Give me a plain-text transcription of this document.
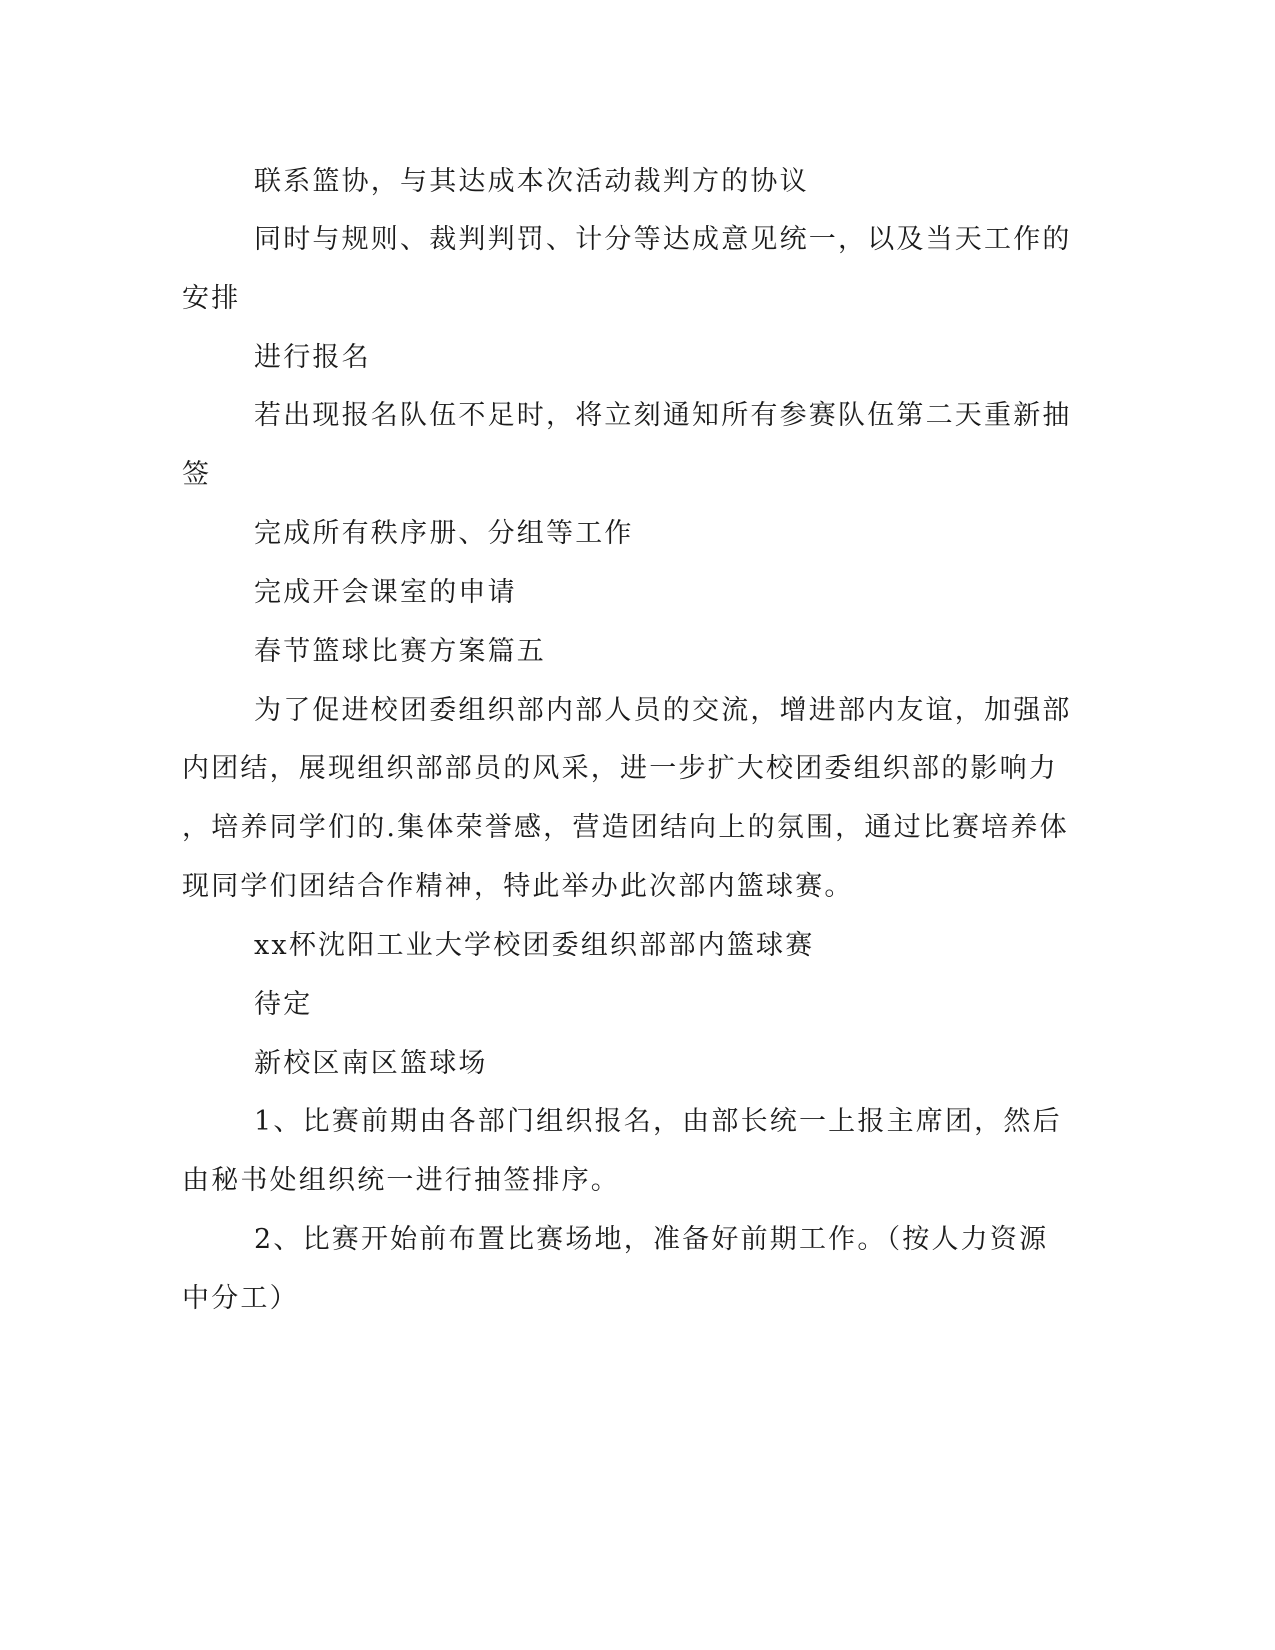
联系篮协，与其达成本次活动裁判方的协议
同时与规则、裁判判罚、计分等达成意见统一，以及当天工作的
安排
进行报名
若出现报名队伍不足时，将立刻通知所有参赛队伍第二天重新抽
签
完成所有秩序册、分组等工作
完成开会课室的申请
春节篮球比赛方案篇五
为了促进校团委组织部内部人员的交流，增进部内友谊，加强部
内团结，展现组织部部员的风采，进一步扩大校团委组织部的影响力
，培养同学们的.集体荣誉感，营造团结向上的氛围，通过比赛培养体
现同学们团结合作精神，特此举办此次部内篮球赛。
xx杯沈阳工业大学校团委组织部部内篮球赛
待定
新校区南区篮球场
1、比赛前期由各部门组织报名，由部长统一上报主席团，然后
由秘书处组织统一进行抽签排序。
2、比赛开始前布置比赛场地，准备好前期工作。（按人力资源
中分工）
